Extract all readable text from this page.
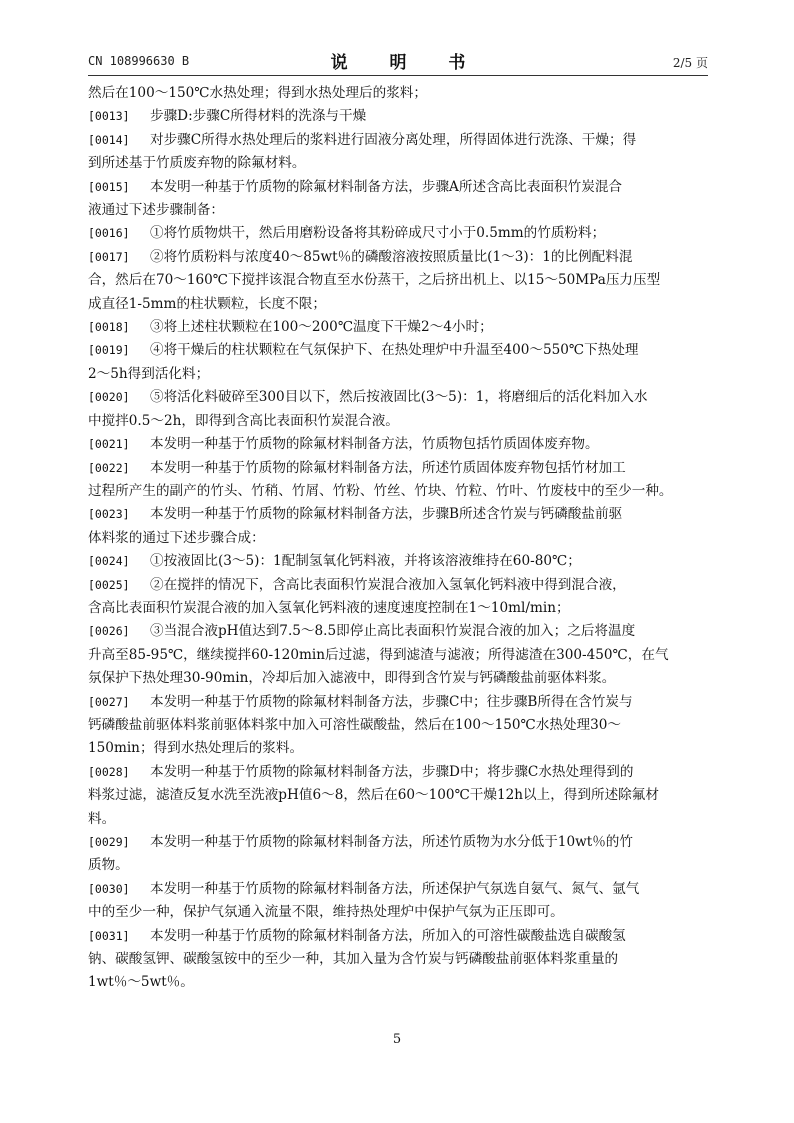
CN 108996630 B	说 明 书	2/5 页
然后在100～150℃水热处理；得到水热处理后的浆料；
[0013] 步骤D:步骤C所得材料的洗涤与干燥
[0014] 对步骤C所得水热处理后的浆料进行固液分离处理，所得固体进行洗涤、干燥；得
到所述基于竹质废弃物的除氟材料。
[0015] 本发明一种基于竹质物的除氟材料制备方法，步骤A所述含高比表面积竹炭混合
液通过下述步骤制备：
[0016] ①将竹质物烘干，然后用磨粉设备将其粉碎成尺寸小于0.5mm的竹质粉料；
[0017] ②将竹质粉料与浓度40～85wt％的磷酸溶液按照质量比(1～3)：1的比例配料混
合，然后在70～160℃下搅拌该混合物直至水份蒸干，之后挤出机上、以15～50MPa压力压型
成直径1-5mm的柱状颗粒，长度不限；
[0018] ③将上述柱状颗粒在100～200℃温度下干燥2～4小时；
[0019] ④将干燥后的柱状颗粒在气氛保护下、在热处理炉中升温至400～550℃下热处理
2～5h得到活化料；
[0020] ⑤将活化料破碎至300目以下，然后按液固比(3～5)：1，将磨细后的活化料加入水
中搅拌0.5～2h，即得到含高比表面积竹炭混合液。
[0021] 本发明一种基于竹质物的除氟材料制备方法，竹质物包括竹质固体废弃物。
[0022] 本发明一种基于竹质物的除氟材料制备方法，所述竹质固体废弃物包括竹材加工
过程所产生的副产的竹头、竹稍、竹屑、竹粉、竹丝、竹块、竹粒、竹叶、竹废枝中的至少一种。
[0023] 本发明一种基于竹质物的除氟材料制备方法，步骤B所述含竹炭与钙磷酸盐前驱
体料浆的通过下述步骤合成：
[0024] ①按液固比(3～5)：1配制氢氧化钙料液，并将该溶液维持在60-80℃；
[0025] ②在搅拌的情况下，含高比表面积竹炭混合液加入氢氧化钙料液中得到混合液，
含高比表面积竹炭混合液的加入氢氧化钙料液的速度速度控制在1～10ml/min；
[0026] ③当混合液pH值达到7.5～8.5即停止高比表面积竹炭混合液的加入；之后将温度
升高至85-95℃，继续搅拌60-120min后过滤，得到滤渣与滤液；所得滤渣在300-450℃，在气
氛保护下热处理30-90min，冷却后加入滤液中，即得到含竹炭与钙磷酸盐前驱体料浆。
[0027] 本发明一种基于竹质物的除氟材料制备方法，步骤C中；往步骤B所得在含竹炭与
钙磷酸盐前驱体料浆前驱体料浆中加入可溶性碳酸盐，然后在100～150℃水热处理30～
150min；得到水热处理后的浆料。
[0028] 本发明一种基于竹质物的除氟材料制备方法，步骤D中；将步骤C水热处理得到的
料浆过滤，滤渣反复水洗至洗液pH值6～8，然后在60～100℃干燥12h以上，得到所述除氟材
料。
[0029] 本发明一种基于竹质物的除氟材料制备方法，所述竹质物为水分低于10wt％的竹
质物。
[0030] 本发明一种基于竹质物的除氟材料制备方法，所述保护气氛选自氨气、氮气、氩气
中的至少一种，保护气氛通入流量不限，维持热处理炉中保护气氛为正压即可。
[0031] 本发明一种基于竹质物的除氟材料制备方法，所加入的可溶性碳酸盐选自碳酸氢
钠、碳酸氢钾、碳酸氢铵中的至少一种，其加入量为含竹炭与钙磷酸盐前驱体料浆重量的
1wt％～5wt％。
5
